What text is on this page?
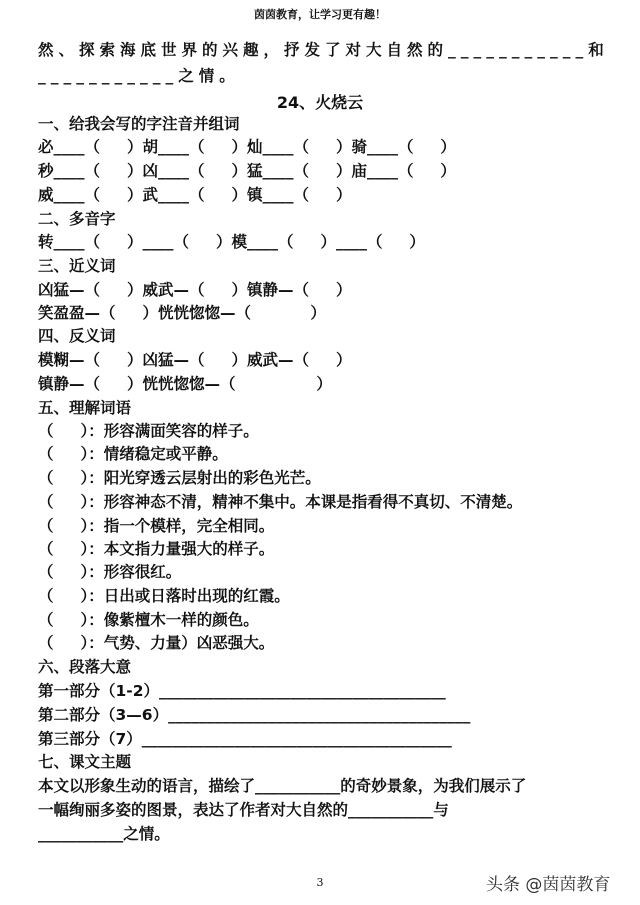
茵茵教育，让学习更有趣！
然、探索海底世界的兴趣，抒发了对大自然的___________和
___________之情。
24、火烧云
一、给我会写的字注音并组词
必____（     ）胡____（     ）灿____（     ）骑____（     ）
秒____（     ）凶____（     ）猛____（     ）庙____（     ）
威____（     ）武____（     ）镇____（     ）
二、多音字
转____（     ）____（     ）模____（     ）____（     ）
三、近义词
凶猛—（     ）威武—（     ）镇静—（     ）
笑盈盈—（     ）恍恍惚惚—（           ）
四、反义词
模糊—（     ）凶猛—（     ）威武—（     ）
镇静—（     ）恍恍惚惚—（               ）
五、理解词语
（     ）：形容满面笑容的样子。
（     ）：情绪稳定或平静。
（     ）：阳光穿透云层射出的彩色光芒。
（     ）：形容神态不清，精神不集中。本课是指看得不真切、不清楚。
（     ）：指一个模样，完全相同。
（     ）：本文指力量强大的样子。
（     ）：形容很红。
（     ）：日出或日落时出现的红霞。
（     ）：像紫檀木一样的颜色。
（     ）：气势、力量）凶恶强大。
六、段落大意
第一部分（1-2）_____________________________________
第二部分（3—6）_______________________________________
第三部分（7）________________________________________
七、课文主题
本文以形象生动的语言，描绘了___________的奇妙景象，为我们展示了
一幅绚丽多姿的图景，表达了作者对大自然的___________与
___________之情。
3	头条 @茵茵教育
